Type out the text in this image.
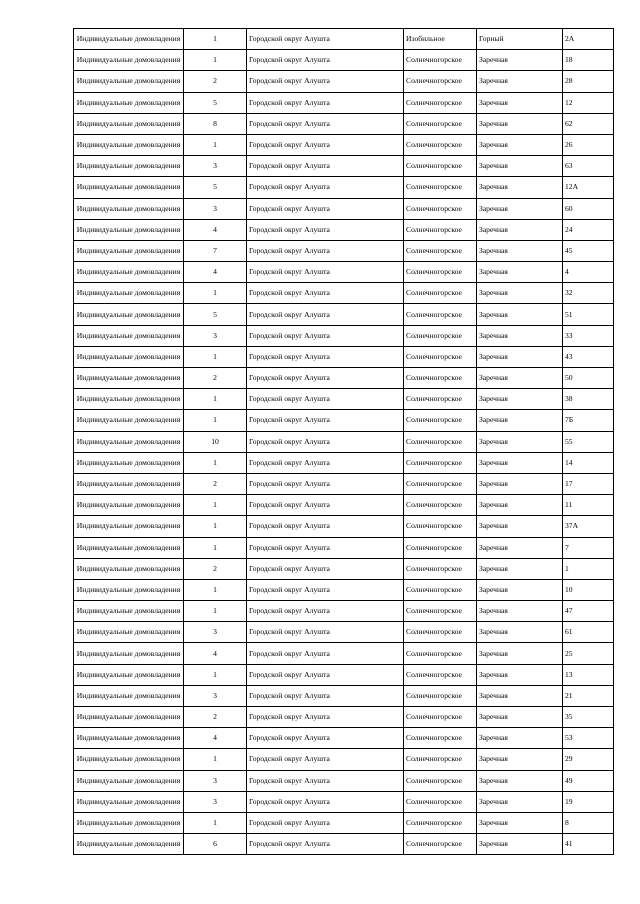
Индивидуальные домовладения	1	Городской округ Алушта	Изобильное	Горный	2А
Индивидуальные домовладения	1	Городской округ Алушта	Солнечногорское	Заречная	18
Индивидуальные домовладения	2	Городской округ Алушта	Солнечногорское	Заречная	28
Индивидуальные домовладения	5	Городской округ Алушта	Солнечногорское	Заречная	12
Индивидуальные домовладения	8	Городской округ Алушта	Солнечногорское	Заречная	62
Индивидуальные домовладения	1	Городской округ Алушта	Солнечногорское	Заречная	26
Индивидуальные домовладения	3	Городской округ Алушта	Солнечногорское	Заречная	63
Индивидуальные домовладения	5	Городской округ Алушта	Солнечногорское	Заречная	12А
Индивидуальные домовладения	3	Городской округ Алушта	Солнечногорское	Заречная	60
Индивидуальные домовладения	4	Городской округ Алушта	Солнечногорское	Заречная	24
Индивидуальные домовладения	7	Городской округ Алушта	Солнечногорское	Заречная	45
Индивидуальные домовладения	4	Городской округ Алушта	Солнечногорское	Заречная	4
Индивидуальные домовладения	1	Городской округ Алушта	Солнечногорское	Заречная	32
Индивидуальные домовладения	5	Городской округ Алушта	Солнечногорское	Заречная	51
Индивидуальные домовладения	3	Городской округ Алушта	Солнечногорское	Заречная	33
Индивидуальные домовладения	1	Городской округ Алушта	Солнечногорское	Заречная	43
Индивидуальные домовладения	2	Городской округ Алушта	Солнечногорское	Заречная	50
Индивидуальные домовладения	1	Городской округ Алушта	Солнечногорское	Заречная	38
Индивидуальные домовладения	1	Городской округ Алушта	Солнечногорское	Заречная	7Б
Индивидуальные домовладения	10	Городской округ Алушта	Солнечногорское	Заречная	55
Индивидуальные домовладения	1	Городской округ Алушта	Солнечногорское	Заречная	14
Индивидуальные домовладения	2	Городской округ Алушта	Солнечногорское	Заречная	17
Индивидуальные домовладения	1	Городской округ Алушта	Солнечногорское	Заречная	11
Индивидуальные домовладения	1	Городской округ Алушта	Солнечногорское	Заречная	37А
Индивидуальные домовладения	1	Городской округ Алушта	Солнечногорское	Заречная	7
Индивидуальные домовладения	2	Городской округ Алушта	Солнечногорское	Заречная	1
Индивидуальные домовладения	1	Городской округ Алушта	Солнечногорское	Заречная	10
Индивидуальные домовладения	1	Городской округ Алушта	Солнечногорское	Заречная	47
Индивидуальные домовладения	3	Городской округ Алушта	Солнечногорское	Заречная	61
Индивидуальные домовладения	4	Городской округ Алушта	Солнечногорское	Заречная	25
Индивидуальные домовладения	1	Городской округ Алушта	Солнечногорское	Заречная	13
Индивидуальные домовладения	3	Городской округ Алушта	Солнечногорское	Заречная	21
Индивидуальные домовладения	2	Городской округ Алушта	Солнечногорское	Заречная	35
Индивидуальные домовладения	4	Городской округ Алушта	Солнечногорское	Заречная	53
Индивидуальные домовладения	1	Городской округ Алушта	Солнечногорское	Заречная	29
Индивидуальные домовладения	3	Городской округ Алушта	Солнечногорское	Заречная	49
Индивидуальные домовладения	3	Городской округ Алушта	Солнечногорское	Заречная	19
Индивидуальные домовладения	1	Городской округ Алушта	Солнечногорское	Заречная	8
Индивидуальные домовладения	6	Городской округ Алушта	Солнечногорское	Заречная	41
